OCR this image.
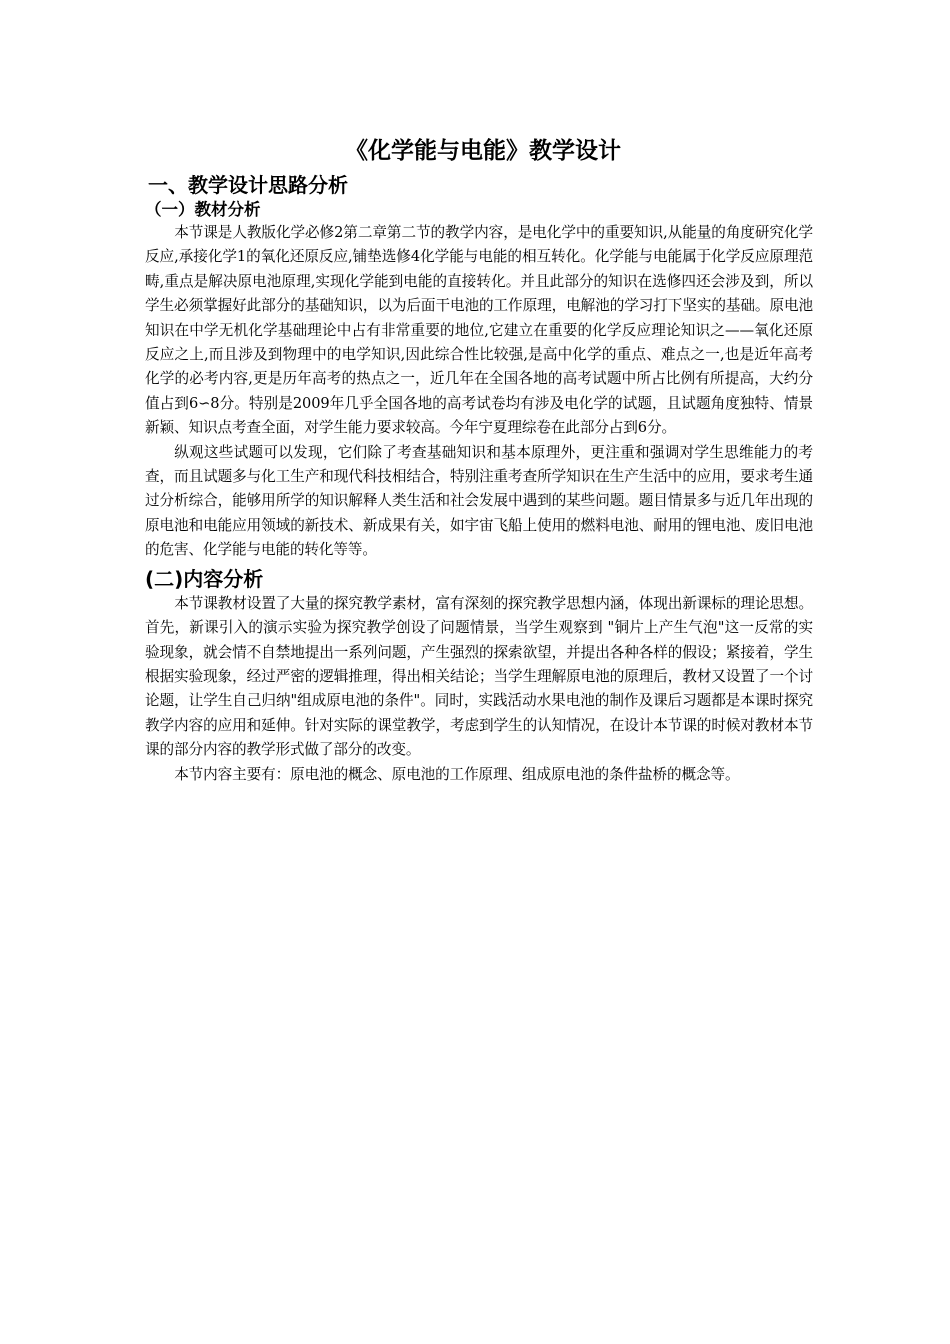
《化学能与电能》教学设计
一、教学设计思路分析
（一）教材分析

本节课是人教版化学必修2第二章第二节的教学内容，是电化学中的重要知识,从能量的角度研究化学反应,承接化学1的氧化还原反应,铺垫选修4化学能与电能的相互转化。化学能与电能属于化学反应原理范畴,重点是解决原电池原理,实现化学能到电能的直接转化。并且此部分的知识在选修四还会涉及到，所以学生必须掌握好此部分的基础知识，以为后面干电池的工作原理，电解池的学习打下坚实的基础。原电池知识在中学无机化学基础理论中占有非常重要的地位,它建立在重要的化学反应理论知识之——氧化还原反应之上,而且涉及到物理中的电学知识,因此综合性比较强,是高中化学的重点、难点之一,也是近年高考化学的必考内容,更是历年高考的热点之一，近几年在全国各地的高考试题中所占比例有所提高，大约分值占到6∽8分。特别是2009年几乎全国各地的高考试卷均有涉及电化学的试题，且试题角度独特、情景新颖、知识点考查全面，对学生能力要求较高。今年宁夏理综卷在此部分占到6分。

纵观这些试题可以发现，它们除了考查基础知识和基本原理外，更注重和强调对学生思维能力的考查，而且试题多与化工生产和现代科技相结合，特别注重考查所学知识在生产生活中的应用，要求考生通过分析综合，能够用所学的知识解释人类生活和社会发展中遇到的某些问题。题目情景多与近几年出现的原电池和电能应用领域的新技术、新成果有关，如宇宙飞船上使用的燃料电池、耐用的锂电池、废旧电池的危害、化学能与电能的转化等等。

(二)内容分析

本节课教材设置了大量的探究教学素材，富有深刻的探究教学思想内涵，体现出新课标的理论思想。首先，新课引入的演示实验为探究教学创设了问题情景，当学生观察到 "铜片上产生气泡"这一反常的实验现象，就会情不自禁地提出一系列问题，产生强烈的探索欲望，并提出各种各样的假设；紧接着，学生根据实验现象，经过严密的逻辑推理，得出相关结论；当学生理解原电池的原理后，教材又设置了一个讨论题，让学生自己归纳"组成原电池的条件"。同时，实践活动水果电池的制作及课后习题都是本课时探究教学内容的应用和延伸。针对实际的课堂教学，考虑到学生的认知情况，在设计本节课的时候对教材本节课的部分内容的教学形式做了部分的改变。

本节内容主要有：原电池的概念、原电池的工作原理、组成原电池的条件盐桥的概念等。
